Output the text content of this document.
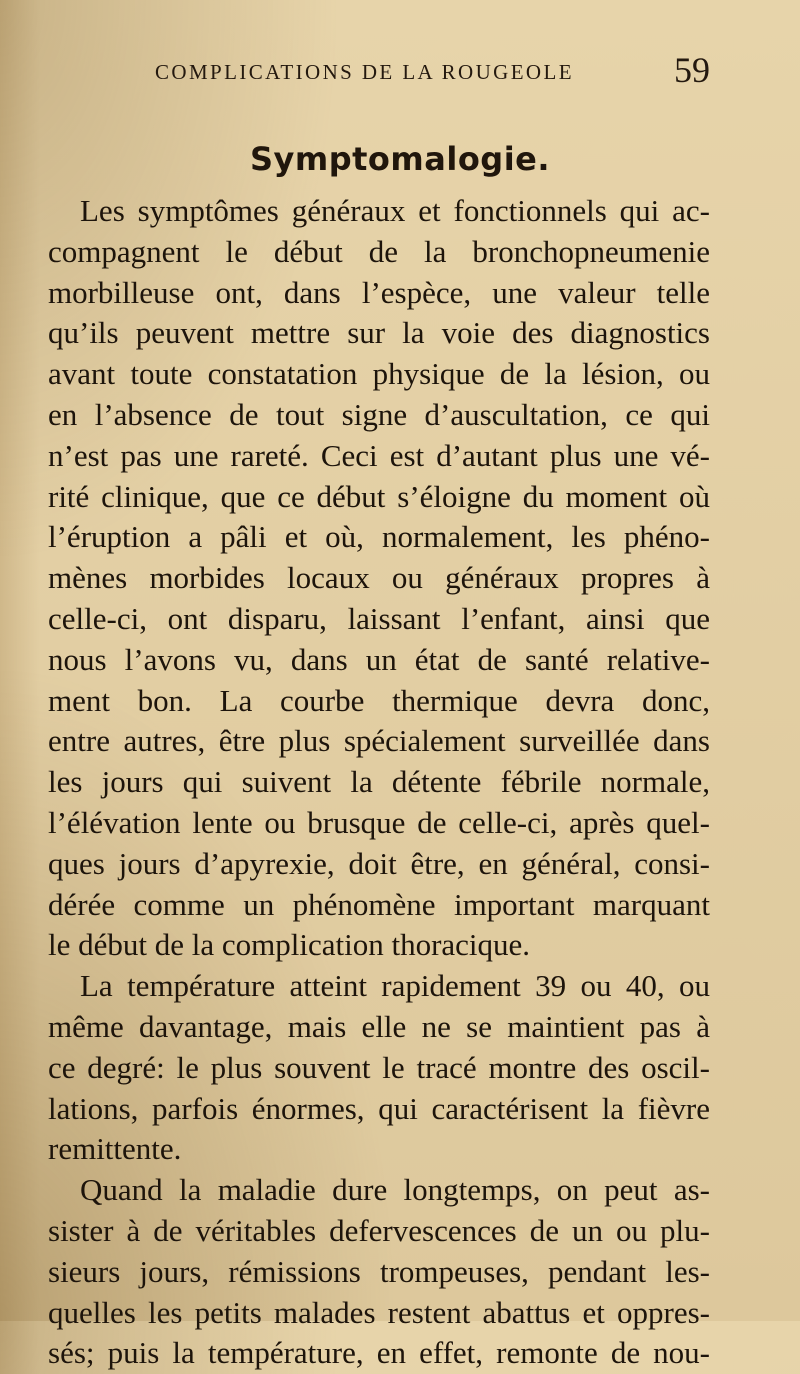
COMPLICATIONS DE LA ROUGEOLE	59
Symptomalogie.
Les symptômes généraux et fonctionnels qui ac-
compagnent le début de la bronchopneumenie
morbilleuse ont, dans l’espèce, une valeur telle
qu’ils peuvent mettre sur la voie des diagnostics
avant toute constatation physique de la lésion, ou
en l’absence de tout signe d’auscultation, ce qui
n’est pas une rareté. Ceci est d’autant plus une vé-
rité clinique, que ce début s’éloigne du moment où
l’éruption a pâli et où, normalement, les phéno-
mènes morbides locaux ou généraux propres à
celle-ci, ont disparu, laissant l’enfant, ainsi que
nous l’avons vu, dans un état de santé relative-
ment bon. La courbe thermique devra donc,
entre autres, être plus spécialement surveillée dans
les jours qui suivent la détente fébrile normale,
l’élévation lente ou brusque de celle-ci, après quel-
ques jours d’apyrexie, doit être, en général, consi-
dérée comme un phénomène important marquant
le début de la complication thoracique.
La température atteint rapidement 39 ou 40, ou
même davantage, mais elle ne se maintient pas à
ce degré: le plus souvent le tracé montre des oscil-
lations, parfois énormes, qui caractérisent la fièvre
remittente.
Quand la maladie dure longtemps, on peut as-
sister à de véritables defervescences de un ou plu-
sieurs jours, rémissions trompeuses, pendant les-
quelles les petits malades restent abattus et oppres-
sés; puis la température, en effet, remonte de nou-
